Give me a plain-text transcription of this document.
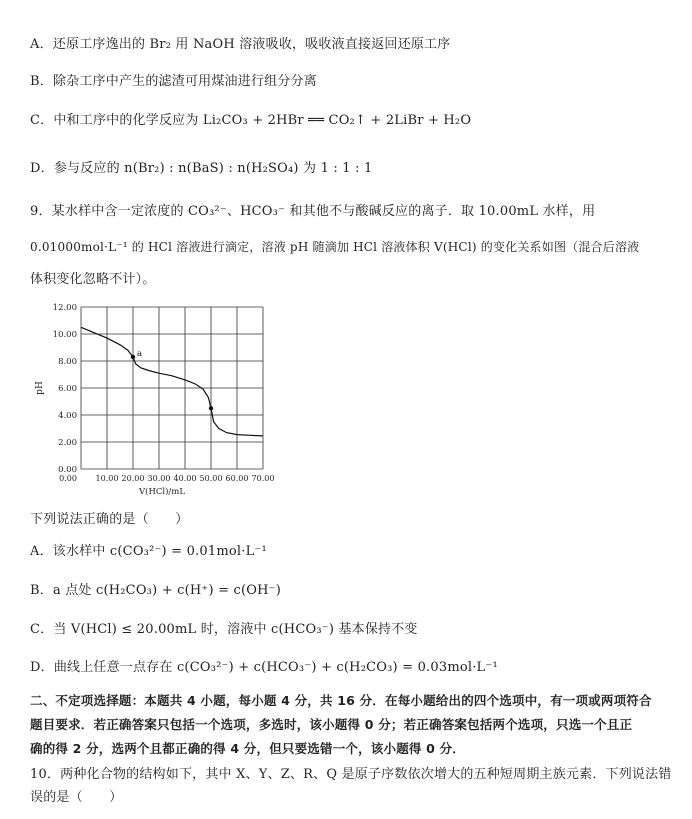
A．还原工序逸出的 Br₂ 用 NaOH 溶液吸收，吸收液直接返回还原工序
B．除杂工序中产生的滤渣可用煤油进行组分分离
C．中和工序中的化学反应为 Li₂CO₃ + 2HBr ══ CO₂↑ + 2LiBr + H₂O
D．参与反应的 n(Br₂) : n(BaS) : n(H₂SO₄) 为 1 : 1 : 1
9．某水样中含一定浓度的 CO₃²⁻、HCO₃⁻ 和其他不与酸碱反应的离子．取 10.00mL 水样，用
0.01000mol·L⁻¹ 的 HCl 溶液进行滴定，溶液 pH 随滴加 HCl 溶液体积 V(HCl) 的变化关系如图（混合后溶液
体积变化忽略不计）。
0.00
2.00
4.00
6.00
8.00
10.00
12.00
0.00 10.00 20.00 30.00 40.00 50.00 60.00 70.00
pH
V(HCl)/mL
a
下列说法正确的是（　　）
A．该水样中 c(CO₃²⁻) = 0.01mol·L⁻¹
B．a 点处 c(H₂CO₃) + c(H⁺) = c(OH⁻)
C．当 V(HCl) ≤ 20.00mL 时，溶液中 c(HCO₃⁻) 基本保持不变
D．曲线上任意一点存在 c(CO₃²⁻) + c(HCO₃⁻) + c(H₂CO₃) = 0.03mol·L⁻¹
二、不定项选择题：本题共 4 小题，每小题 4 分，共 16 分．在每小题给出的四个选项中，有一项或两项符合
题目要求．若正确答案只包括一个选项，多选时，该小题得 0 分；若正确答案包括两个选项，只选一个且正
确的得 2 分，选两个且都正确的得 4 分，但只要选错一个，该小题得 0 分．
10．两种化合物的结构如下，其中 X、Y、Z、R、Q 是原子序数依次增大的五种短周期主族元素．下列说法错
误的是（　　）
